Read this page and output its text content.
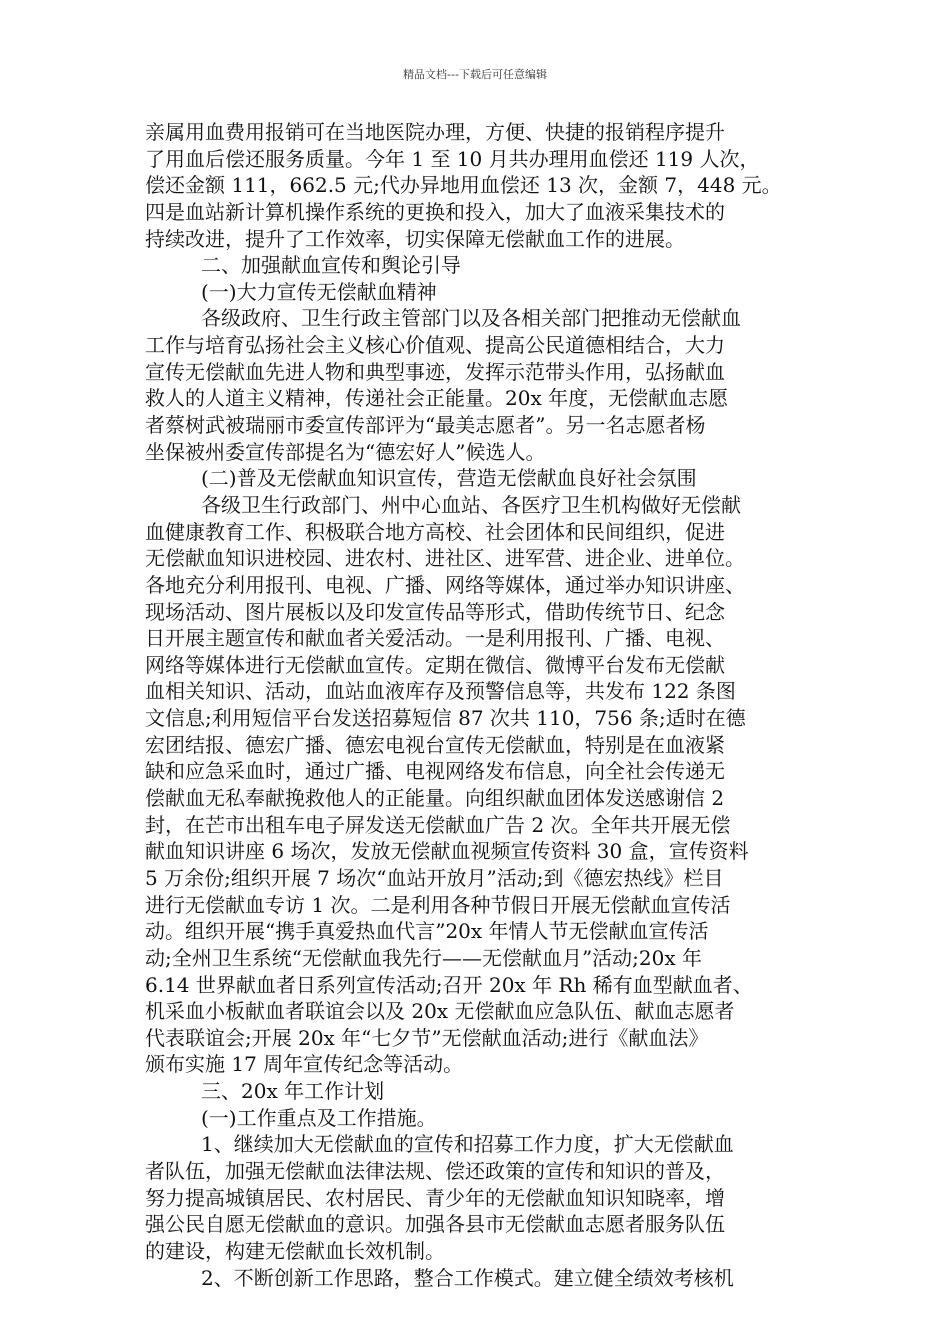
精品文档---下载后可任意编辑
亲属用血费用报销可在当地医院办理，方便、快捷的报销程序提升
了用血后偿还服务质量。今年 1 至 10 月共办理用血偿还 119 人次，
偿还金额 111，662.5 元;代办异地用血偿还 13 次，金额 7，448 元。
四是血站新计算机操作系统的更换和投入，加大了血液采集技术的
持续改进，提升了工作效率，切实保障无偿献血工作的进展。
二、加强献血宣传和舆论引导
(一)大力宣传无偿献血精神
各级政府、卫生行政主管部门以及各相关部门把推动无偿献血
工作与培育弘扬社会主义核心价值观、提高公民道德相结合，大力
宣传无偿献血先进人物和典型事迹，发挥示范带头作用，弘扬献血
救人的人道主义精神，传递社会正能量。20x 年度，无偿献血志愿
者蔡树武被瑞丽市委宣传部评为“最美志愿者”。另一名志愿者杨
坐保被州委宣传部提名为“德宏好人”候选人。
(二)普及无偿献血知识宣传，营造无偿献血良好社会氛围
各级卫生行政部门、州中心血站、各医疗卫生机构做好无偿献
血健康教育工作、积极联合地方高校、社会团体和民间组织，促进
无偿献血知识进校园、进农村、进社区、进军营、进企业、进单位。
各地充分利用报刊、电视、广播、网络等媒体，通过举办知识讲座、
现场活动、图片展板以及印发宣传品等形式，借助传统节日、纪念
日开展主题宣传和献血者关爱活动。一是利用报刊、广播、电视、
网络等媒体进行无偿献血宣传。定期在微信、微博平台发布无偿献
血相关知识、活动，血站血液库存及预警信息等，共发布 122 条图
文信息;利用短信平台发送招募短信 87 次共 110，756 条;适时在德
宏团结报、德宏广播、德宏电视台宣传无偿献血，特别是在血液紧
缺和应急采血时，通过广播、电视网络发布信息，向全社会传递无
偿献血无私奉献挽救他人的正能量。向组织献血团体发送感谢信 2
封，在芒市出租车电子屏发送无偿献血广告 2 次。全年共开展无偿
献血知识讲座 6 场次，发放无偿献血视频宣传资料 30 盒，宣传资料
5 万余份;组织开展 7 场次“血站开放月”活动;到《德宏热线》栏目
进行无偿献血专访 1 次。二是利用各种节假日开展无偿献血宣传活
动。组织开展“携手真爱热血代言”20x 年情人节无偿献血宣传活
动;全州卫生系统“无偿献血我先行——无偿献血月”活动;20x 年
6.14 世界献血者日系列宣传活动;召开 20x 年 Rh 稀有血型献血者、
机采血小板献血者联谊会以及 20x 无偿献血应急队伍、献血志愿者
代表联谊会;开展 20x 年“七夕节”无偿献血活动;进行《献血法》
颁布实施 17 周年宣传纪念等活动。
三、20x 年工作计划
(一)工作重点及工作措施。
1、继续加大无偿献血的宣传和招募工作力度，扩大无偿献血
者队伍，加强无偿献血法律法规、偿还政策的宣传和知识的普及，
努力提高城镇居民、农村居民、青少年的无偿献血知识知晓率，增
强公民自愿无偿献血的意识。加强各县市无偿献血志愿者服务队伍
的建设，构建无偿献血长效机制。
2、不断创新工作思路，整合工作模式。建立健全绩效考核机
